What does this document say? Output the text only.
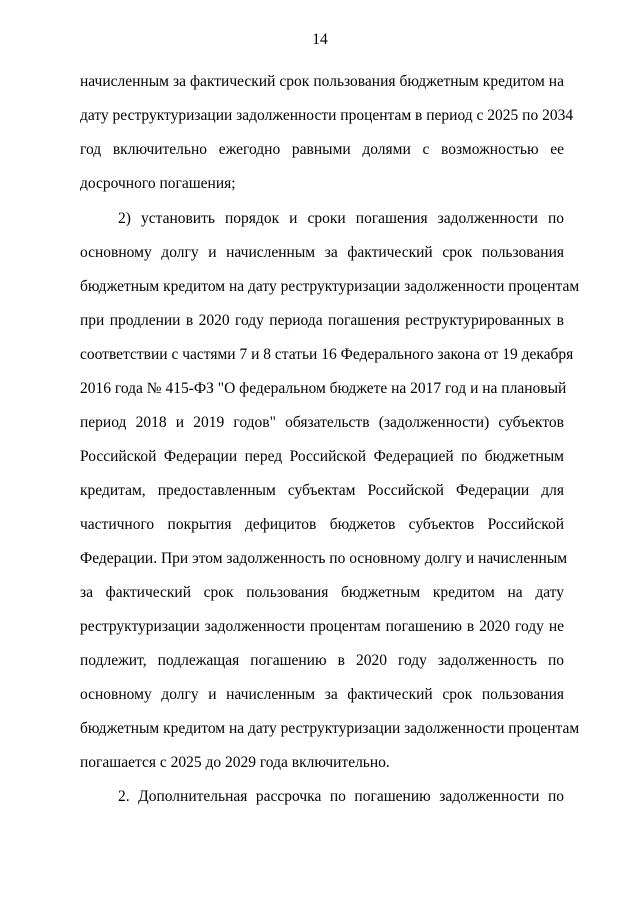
14
начисленным за фактический срок пользования бюджетным кредитом на
дату реструктуризации задолженности процентам в период с 2025 по 2034
год включительно ежегодно равными долями с возможностью ее
досрочного погашения;
2) установить порядок и сроки погашения задолженности по
основному долгу и начисленным за фактический срок пользования
бюджетным кредитом на дату реструктуризации задолженности процентам
при продлении в 2020 году периода погашения реструктурированных в
соответствии с частями 7 и 8 статьи 16 Федерального закона от 19 декабря
2016 года № 415-ФЗ "О федеральном бюджете на 2017 год и на плановый
период 2018 и 2019 годов" обязательств (задолженности) субъектов
Российской Федерации перед Российской Федерацией по бюджетным
кредитам, предоставленным субъектам Российской Федерации для
частичного покрытия дефицитов бюджетов субъектов Российской
Федерации. При этом задолженность по основному долгу и начисленным
за фактический срок пользования бюджетным кредитом на дату
реструктуризации задолженности процентам погашению в 2020 году не
подлежит, подлежащая погашению в 2020 году задолженность по
основному долгу и начисленным за фактический срок пользования
бюджетным кредитом на дату реструктуризации задолженности процентам
погашается с 2025 до 2029 года включительно.
2. Дополнительная рассрочка по погашению задолженности по
